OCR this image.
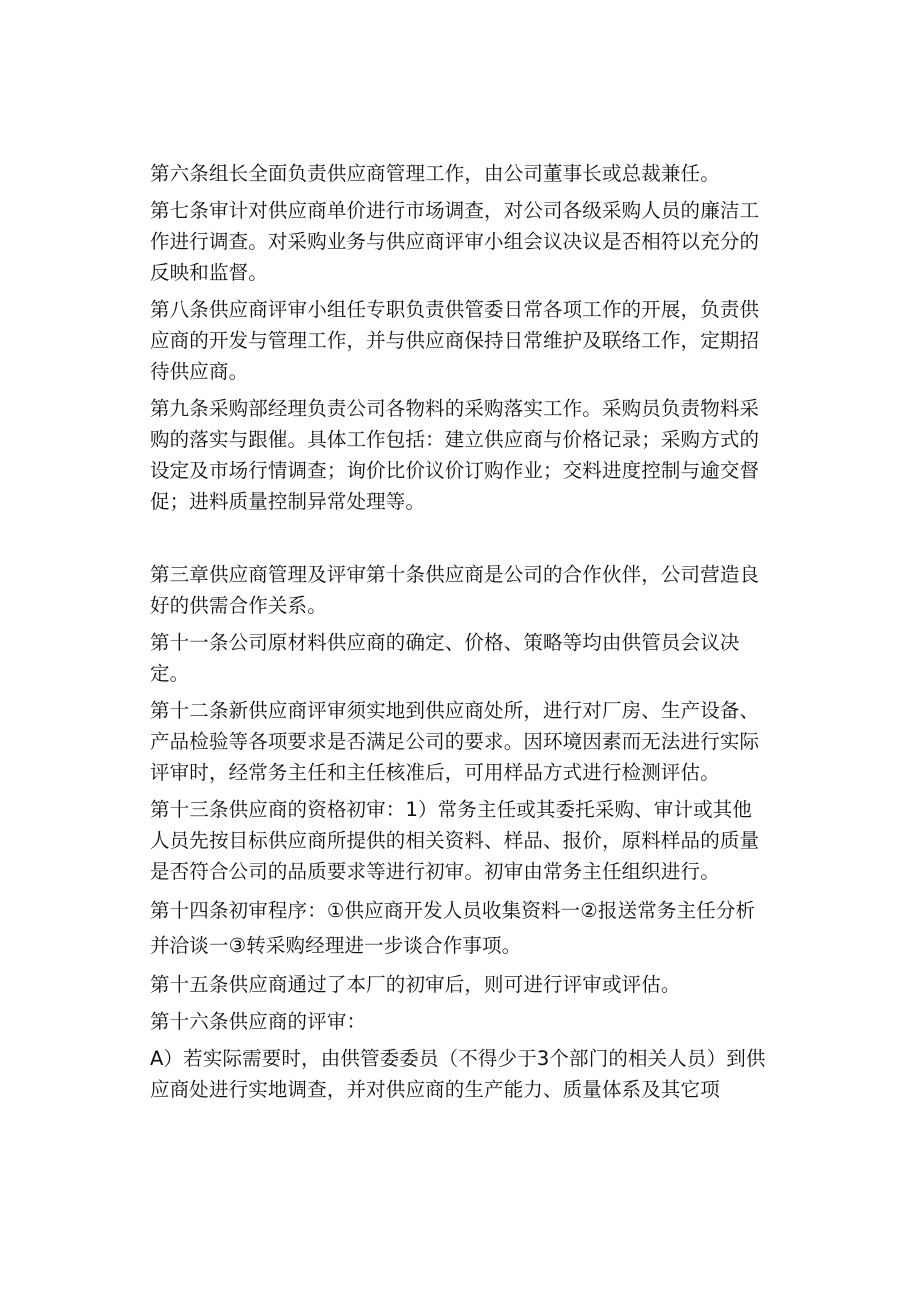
第六条组长全面负责供应商管理工作，由公司董事长或总裁兼任。

第七条审计对供应商单价进行市场调查，对公司各级采购人员的廉洁工作进行调查。对采购业务与供应商评审小组会议决议是否相符以充分的反映和监督。

第八条供应商评审小组任专职负责供管委日常各项工作的开展，负责供应商的开发与管理工作，并与供应商保持日常维护及联络工作，定期招待供应商。

第九条采购部经理负责公司各物料的采购落实工作。采购员负责物料采购的落实与跟催。具体工作包括：建立供应商与价格记录；采购方式的设定及市场行情调查；询价比价议价订购作业；交料进度控制与逾交督促；进料质量控制异常处理等。

第三章供应商管理及评审第十条供应商是公司的合作伙伴，公司营造良好的供需合作关系。

第十一条公司原材料供应商的确定、价格、策略等均由供管员会议决定。

第十二条新供应商评审须实地到供应商处所，进行对厂房、生产设备、产品检验等各项要求是否满足公司的要求。因环境因素而无法进行实际评审时，经常务主任和主任核准后，可用样品方式进行检测评估。

第十三条供应商的资格初审：1）常务主任或其委托采购、审计或其他人员先按目标供应商所提供的相关资料、样品、报价，原料样品的质量是否符合公司的品质要求等进行初审。初审由常务主任组织进行。

第十四条初审程序：①供应商开发人员收集资料一②报送常务主任分析并洽谈一③转采购经理进一步谈合作事项。

第十五条供应商通过了本厂的初审后，则可进行评审或评估。

第十六条供应商的评审：

A）若实际需要时，由供管委委员（不得少于3个部门的相关人员）到供应商处进行实地调查，并对供应商的生产能力、质量体系及其它项
